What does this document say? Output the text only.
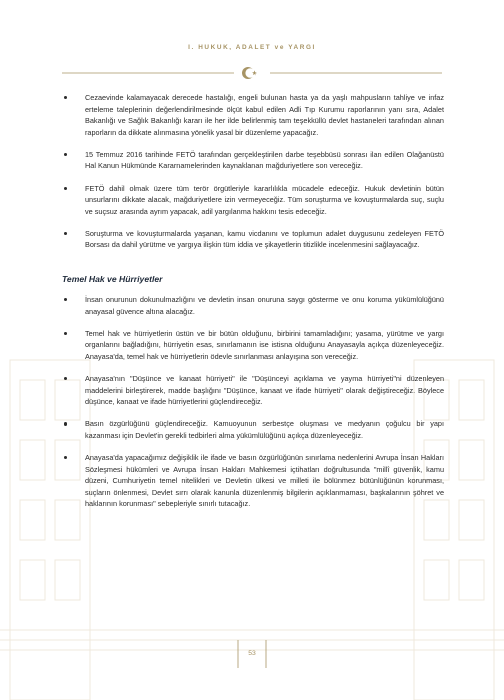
I. HUKUK, ADALET ve YARGI
Cezaevinde kalamayacak derecede hastalığı, engeli bulunan hasta ya da yaşlı mahpusların tahliye ve infaz erteleme taleplerinin değerlendirilmesinde ölçüt kabul edilen Adli Tıp Kurumu raporlarının yanı sıra, Adalet Bakanlığı ve Sağlık Bakanlığı kararı ile her ilde belirlenmiş tam teşekküllü devlet hastaneleri tarafından alınan raporların da dikkate alınmasına yönelik yasal bir düzenleme yapacağız.
15 Temmuz 2016 tarihinde FETÖ tarafından gerçekleştirilen darbe teşebbüsü sonrası ilan edilen Olağanüstü Hal Kanun Hükmünde Kararnamelerinden kaynaklanan mağduriyetlere son vereceğiz.
FETÖ dahil olmak üzere tüm terör örgütleriyle kararlılıkla mücadele edeceğiz. Hukuk devletinin bütün unsurlarını dikkate alacak, mağduriyetlere izin vermeyeceğiz. Tüm soruşturma ve kovuşturmalarda suç, suçlu ve suçsuz arasında ayrım yapacak, adil yargılanma hakkını tesis edeceğiz.
Soruşturma ve kovuşturmalarda yaşanan, kamu vicdanını ve toplumun adalet duygusunu zedeleyen FETÖ Borsası da dahil yürütme ve yargıya ilişkin tüm iddia ve şikayetlerin titizlikle incelenmesini sağlayacağız.
Temel Hak ve Hürriyetler
İnsan onurunun dokunulmazlığını ve devletin insan onuruna saygı gösterme ve onu koruma yükümlülüğünü anayasal güvence altına alacağız.
Temel hak ve hürriyetlerin üstün ve bir bütün olduğunu, birbirini tamamladığını; yasama, yürütme ve yargı organlarını bağladığını, hürriyetin esas, sınırlamanın ise istisna olduğunu Anayasayla açıkça düzenleyeceğiz. Anayasa'da, temel hak ve hürriyetlerin ödevle sınırlanması anlayışına son vereceğiz.
Anayasa'nın "Düşünce ve kanaat hürriyeti" ile "Düşünceyi açıklama ve yayma hürriyeti"ni düzenleyen maddelerini birleştirerek, madde başlığını "Düşünce, kanaat ve ifade hürriyeti" olarak değiştireceğiz. Böylece düşünce, kanaat ve ifade hürriyetlerini güçlendireceğiz.
Basın özgürlüğünü güçlendireceğiz. Kamuoyunun serbestçe oluşması ve medyanın çoğulcu bir yapı kazanması için Devlet'in gerekli tedbirleri alma yükümlülüğünü açıkça düzenleyeceğiz.
Anayasa'da yapacağımız değişiklik ile ifade ve basın özgürlüğünün sınırlama nedenlerini Avrupa İnsan Hakları Sözleşmesi hükümleri ve Avrupa İnsan Hakları Mahkemesi içtihatları doğrultusunda "millî güvenlik, kamu düzeni, Cumhuriyetin temel nitelikleri ve Devletin ülkesi ve milleti ile bölünmez bütünlüğünün korunması, suçların önlenmesi, Devlet sırrı olarak kanunla düzenlenmiş bilgilerin açıklanmaması, başkalarının şöhret ve haklarının korunması" sebepleriyle sınırlı tutacağız.
53
